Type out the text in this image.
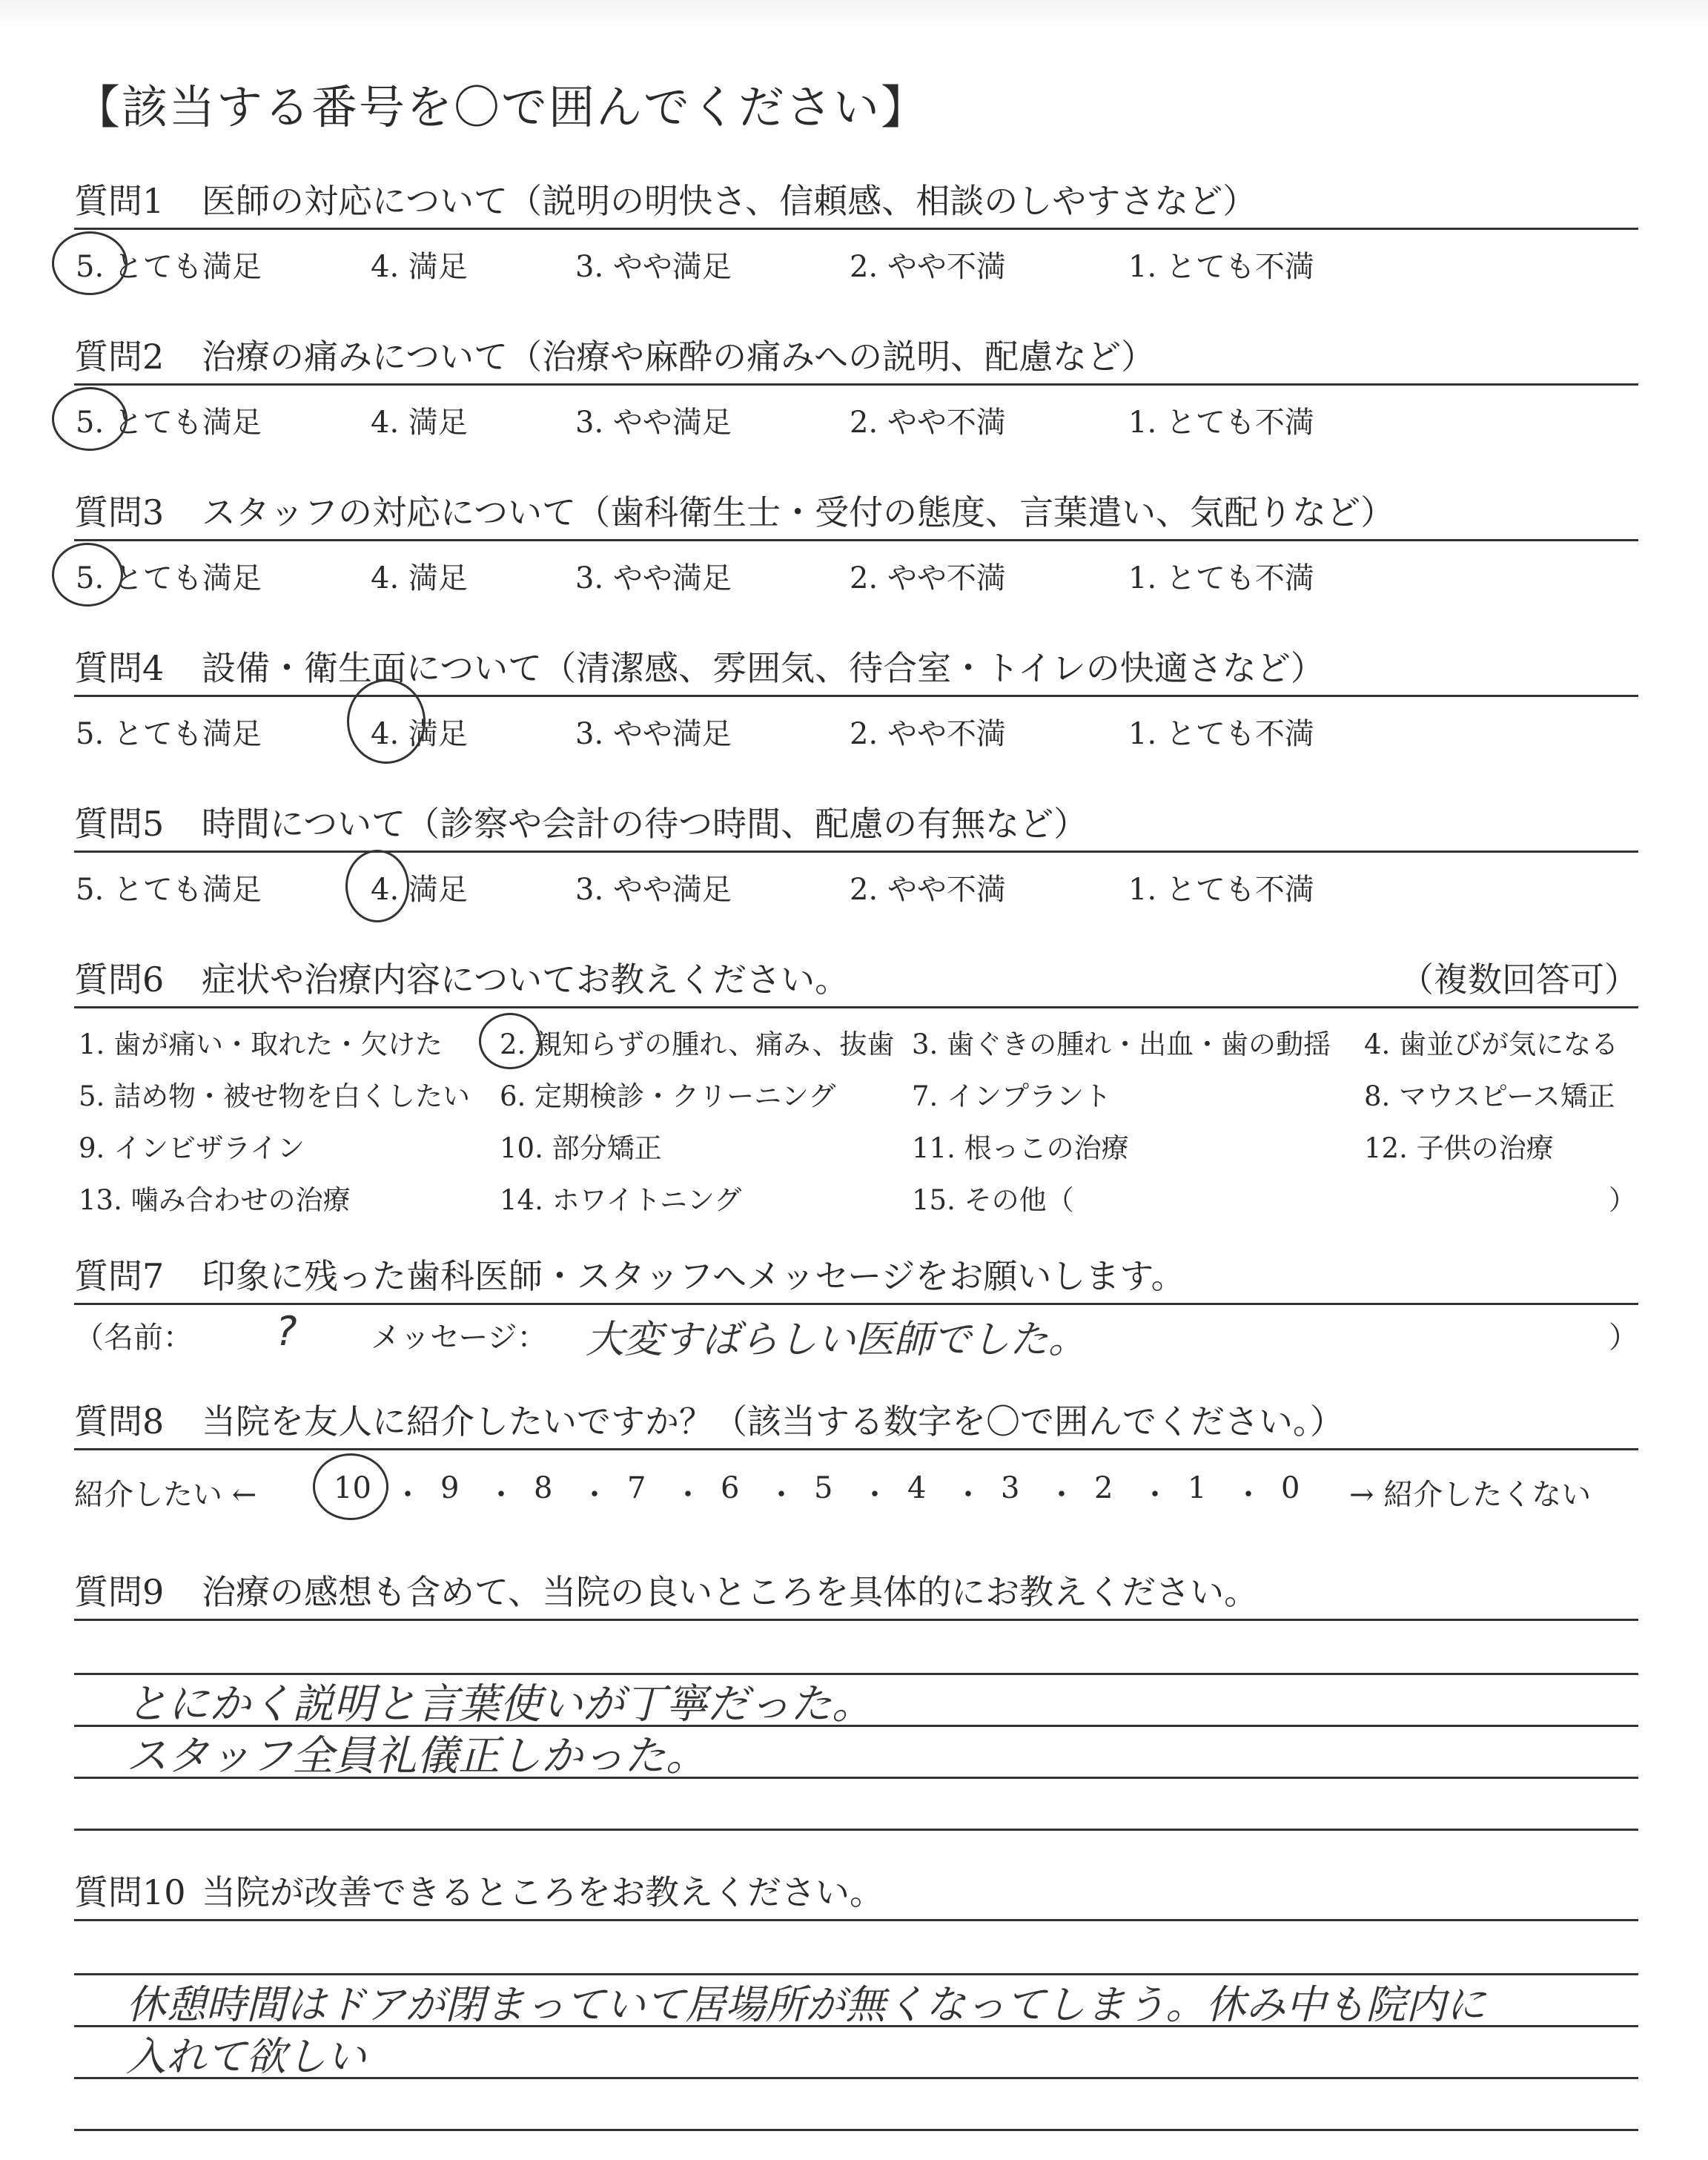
【該当する番号を〇で囲んでください】
質問1	医師の対応について（説明の明快さ、信頼感、相談のしやすさなど）
5. とても満足	4. 満足	3. やや満足	2. やや不満	1. とても不満
質問2	治療の痛みについて（治療や麻酔の痛みへの説明、配慮など）
5. とても満足	4. 満足	3. やや満足	2. やや不満	1. とても不満
質問3	スタッフの対応について（歯科衛生士・受付の態度、言葉遣い、気配りなど）
5. とても満足	4. 満足	3. やや満足	2. やや不満	1. とても不満
質問4	設備・衛生面について（清潔感、雰囲気、待合室・トイレの快適さなど）
5. とても満足	4. 満足	3. やや満足	2. やや不満	1. とても不満
質問5	時間について（診察や会計の待つ時間、配慮の有無など）
5. とても満足	4. 満足	3. やや満足	2. やや不満	1. とても不満
質問6	症状や治療内容についてお教えください。	（複数回答可）
1. 歯が痛い・取れた・欠けた 2. 親知らずの腫れ、痛み、抜歯 3. 歯ぐきの腫れ・出血・歯の動揺 4. 歯並びが気になる
5. 詰め物・被せ物を白くしたい 6. 定期検診・クリーニング	7. インプラント	8. マウスピース矯正
9. インビザライン	10. 部分矯正	11. 根っこの治療	12. 子供の治療
13. 噛み合わせの治療	14. ホワイトニング	15. その他（	）
質問7	印象に残った歯科医師・スタッフへメッセージをお願いします。
（名前： ? メッセージ： 大変すばらしい医師でした。	）
質問8	当院を友人に紹介したいですか？（該当する数字を〇で囲んでください。）
紹介したい ←	10 ・ 9 ・ 8 ・ 7 ・ 6 ・ 5 ・ 4 ・ 3 ・ 2 ・ 1 ・ 0 → 紹介したくない
質問9	治療の感想も含めて、当院の良いところを具体的にお教えください。
とにかく説明と言葉使いが丁寧だった。
スタッフ全員礼儀正しかった。
質問10 当院が改善できるところをお教えください。
休憩時間はドアが閉まっていて居場所が無くなってしまう。休み中も院内に
入れて欲しい
